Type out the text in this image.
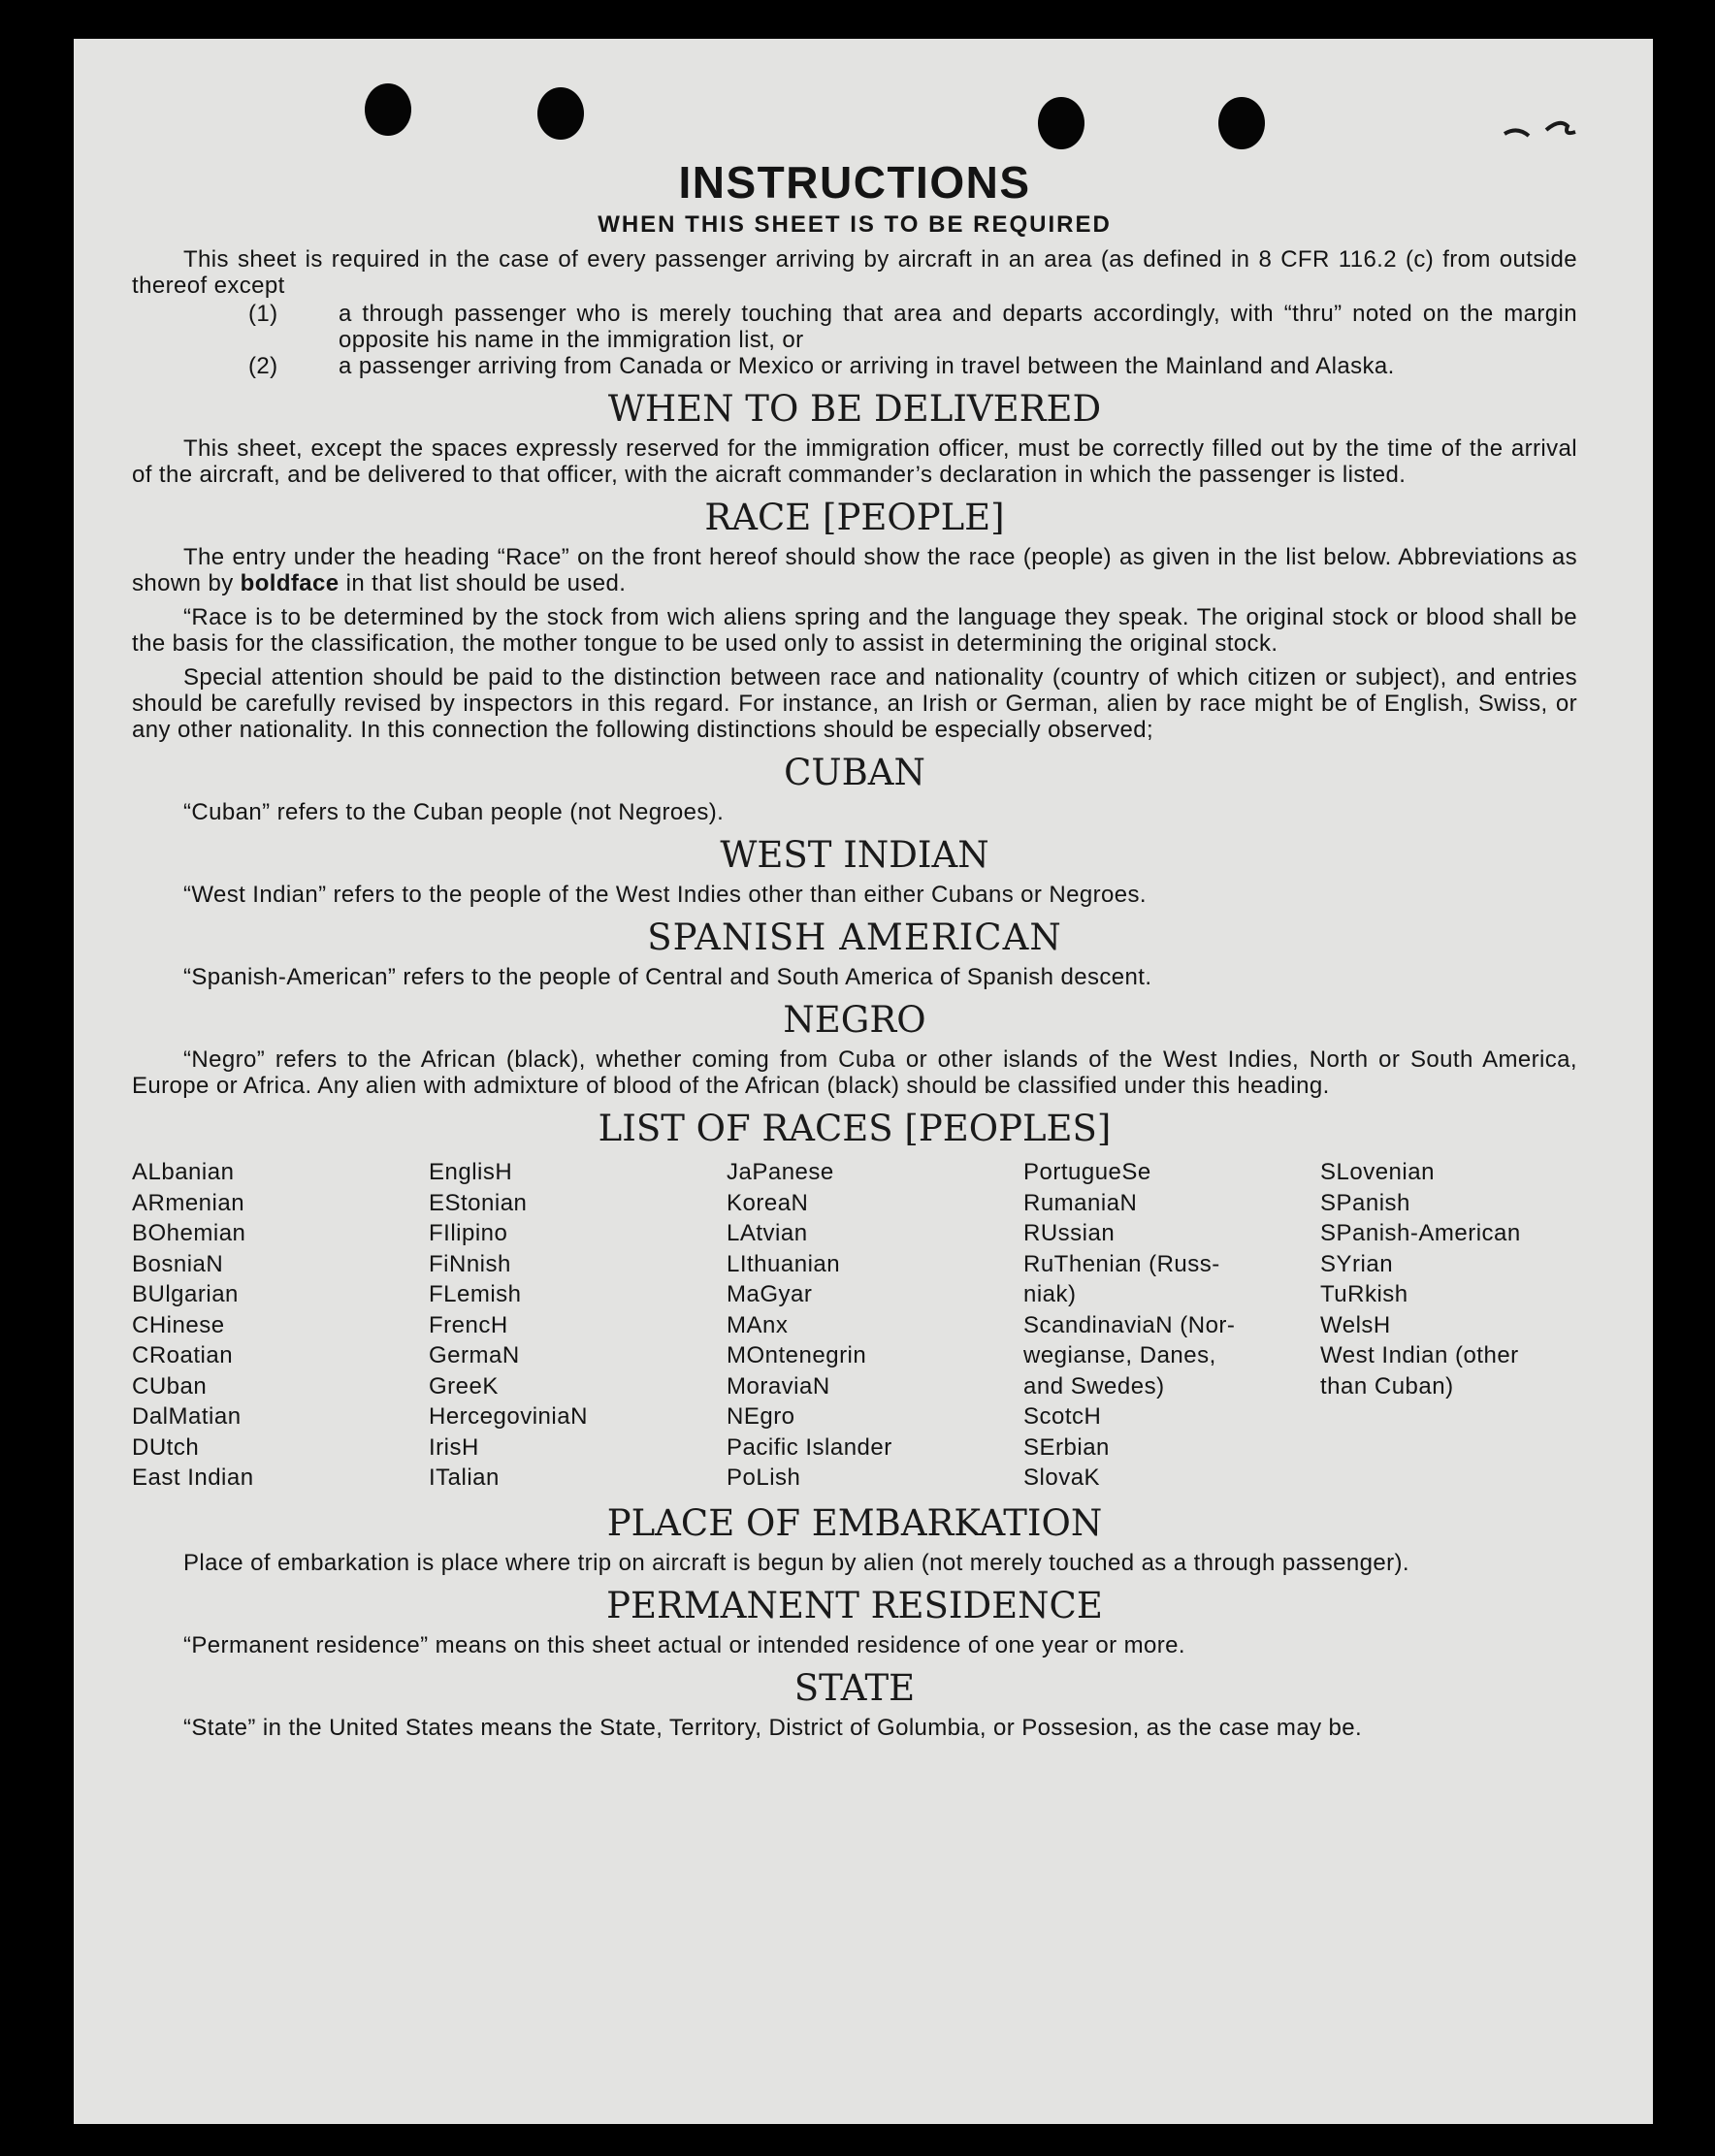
INSTRUCTIONS
WHEN THIS SHEET IS TO BE REQUIRED

This sheet is required in the case of every passenger arriving by aircraft in an area (as defined in 8 CFR 116.2 (c) from outside thereof except

(1)	a through passenger who is merely touching that area and departs accordingly, with “thru” noted on the margin opposite his name in the immigration list, or

(2)	a passenger arriving from Canada or Mexico or arriving in travel between the Mainland and Alaska.

WHEN TO BE DELIVERED

This sheet, except the spaces expressly reserved for the immigration officer, must be correctly filled out by the time of the arrival of the aircraft, and be delivered to that officer, with the aicraft commander’s declaration in which the passenger is listed.

RACE [PEOPLE]

The entry under the heading “Race” on the front hereof should show the race (people) as given in the list below. Abbreviations as shown by boldface in that list should be used.

“Race is to be determined by the stock from wich aliens spring and the language they speak. The original stock or blood shall be the basis for the classification, the mother tongue to be used only to assist in determining the original stock.

Special attention should be paid to the distinction between race and nationality (country of which citizen or subject), and entries should be carefully revised by inspectors in this regard. For instance, an Irish or German, alien by race might be of English, Swiss, or any other nationality. In this connection the following distinctions should be especially observed;

CUBAN

“Cuban” refers to the Cuban people (not Negroes).

WEST INDIAN

“West Indian” refers to the people of the West Indies other than either Cubans or Negroes.

SPANISH AMERICAN

“Spanish-American” refers to the people of Central and South America of Spanish descent.

NEGRO

“Negro” refers to the African (black), whether coming from Cuba or other islands of the West Indies, North or South America, Europe or Africa. Any alien with admixture of blood of the African (black) should be classified under this heading.

LIST OF RACES [PEOPLES]
ALbanian
ARmenian
BOhemian
BosniaN
BUlgarian
CHinese
CRoatian
CUban
DalMatian
DUtch
East Indian
EnglisH
EStonian
FIlipino
FiNnish
FLemish
FrencH
GermaN
GreeK
HercegoviniaN
IrisH
ITalian
JaPanese
KoreaN
LAtvian
LIthuanian
MaGyar
MAnx
MOntenegrin
MoraviaN
NEgro
Pacific Islander
PoLish
PortugueSe
RumaniaN
RUssian
RuThenian (Russ-
niak)
ScandinaviaN (Nor-
wegianse, Danes,
and Swedes)
ScotcH
SErbian
SlovaK
SLovenian
SPanish
SPanish-American
SYrian
TuRkish
WelsH
West Indian (other
than Cuban)
PLACE OF EMBARKATION

Place of embarkation is place where trip on aircraft is begun by alien (not merely touched as a through passenger).

PERMANENT RESIDENCE

“Permanent residence” means on this sheet actual or intended residence of one year or more.

STATE

“State” in the United States means the State, Territory, District of Golumbia, or Possesion, as the case may be.
